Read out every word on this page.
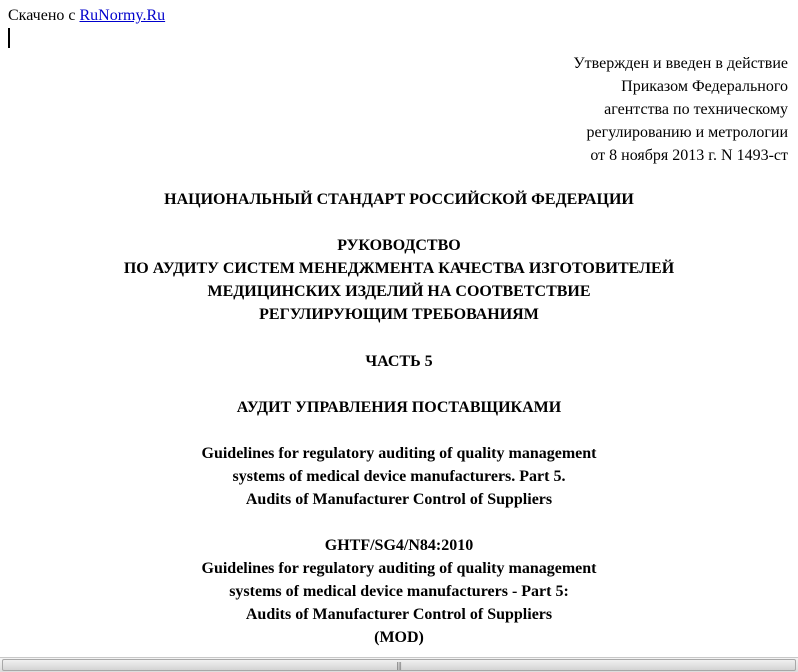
Скачено с RuNormy.Ru
Утвержден и введен в действие
Приказом Федерального
агентства по техническому
регулированию и метрологии
от 8 ноября 2013 г. N 1493-ст
НАЦИОНАЛЬНЫЙ СТАНДАРТ РОССИЙСКОЙ ФЕДЕРАЦИИ
РУКОВОДСТВО
ПО АУДИТУ СИСТЕМ МЕНЕДЖМЕНТА КАЧЕСТВА ИЗГОТОВИТЕЛЕЙ
МЕДИЦИНСКИХ ИЗДЕЛИЙ НА СООТВЕТСТВИЕ
РЕГУЛИРУЮЩИМ ТРЕБОВАНИЯМ
ЧАСТЬ 5
АУДИТ УПРАВЛЕНИЯ ПОСТАВЩИКАМИ
Guidelines for regulatory auditing of quality management
systems of medical device manufacturers. Part 5.
Audits of Manufacturer Control of Suppliers
GHTF/SG4/N84:2010
Guidelines for regulatory auditing of quality management
systems of medical device manufacturers - Part 5:
Audits of Manufacturer Control of Suppliers
(MOD)
|||
